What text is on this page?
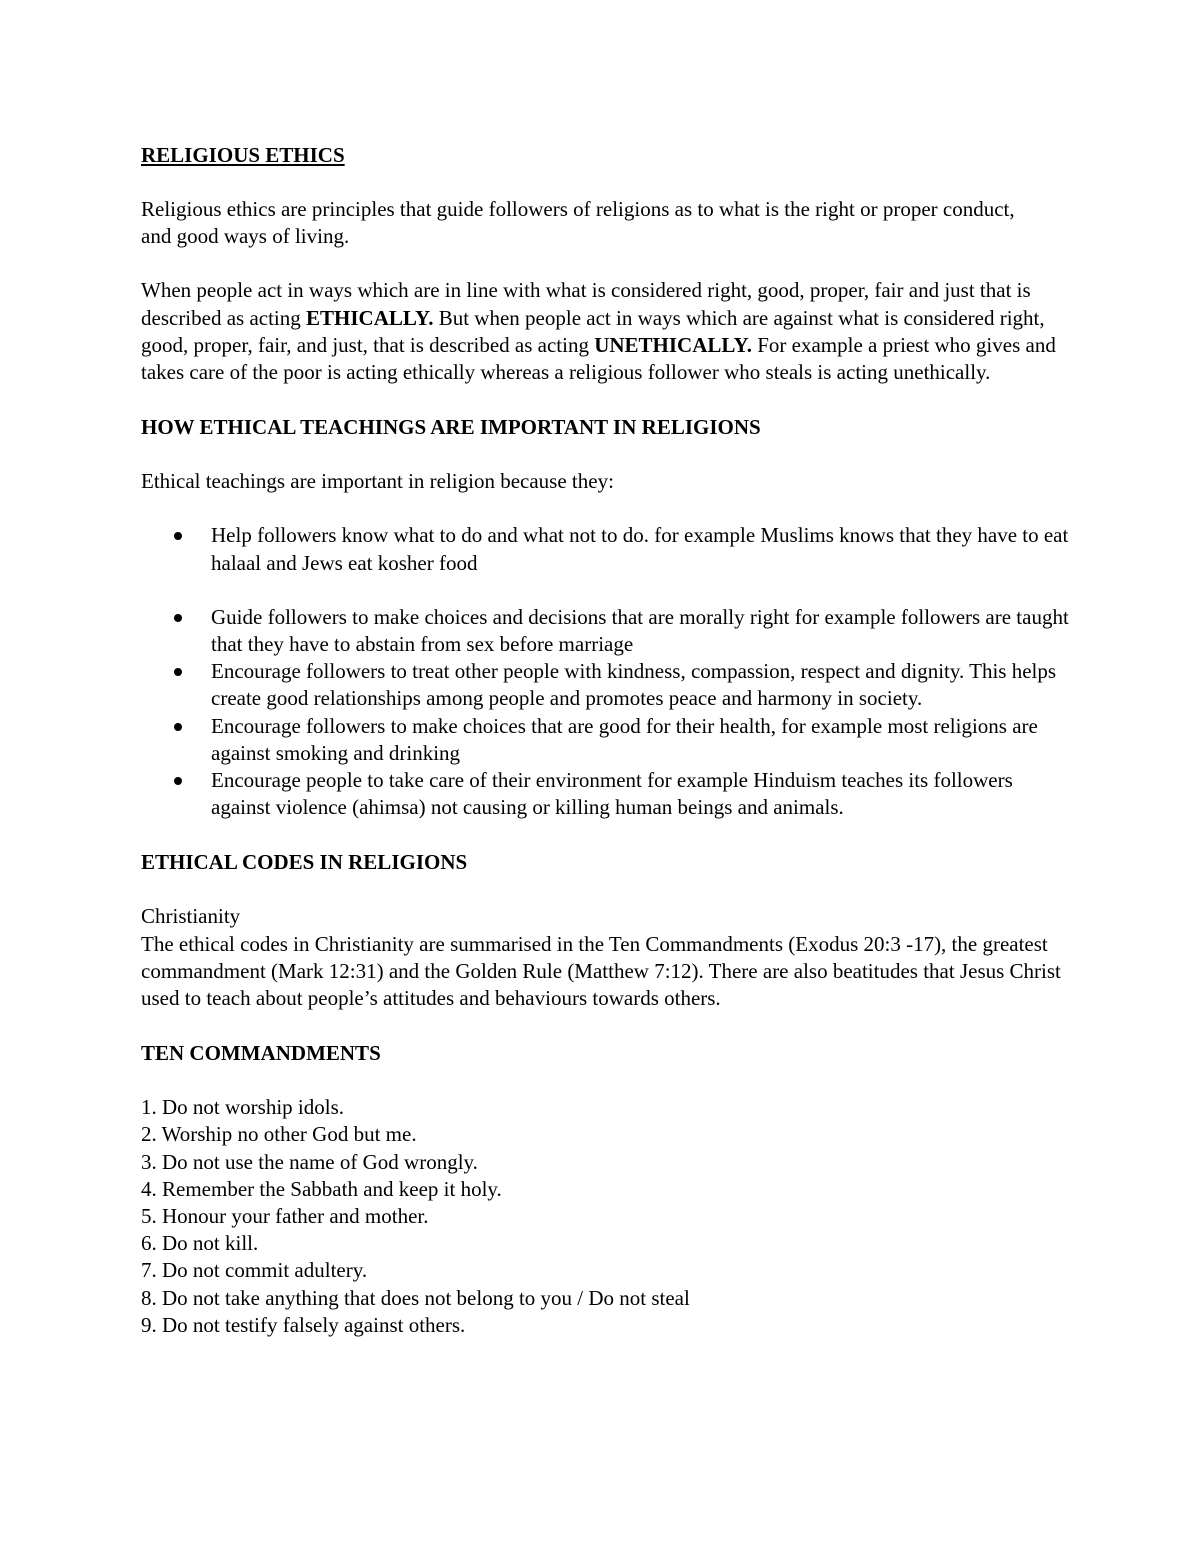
RELIGIOUS ETHICS

Religious ethics are principles that guide followers of religions as to what is the right or proper conduct, and good ways of living.

When people act in ways which are in line with what is considered right, good, proper, fair and just that is described as acting ETHICALLY. But when people act in ways which are against what is considered right, good, proper, fair, and just, that is described as acting UNETHICALLY. For example a priest who gives and takes care of the poor is acting ethically whereas a religious follower who steals is acting unethically.

HOW ETHICAL TEACHINGS ARE IMPORTANT IN RELIGIONS

Ethical teachings are important in religion because they:

Help followers know what to do and what not to do. for example Muslims knows that they have to eat halaal and Jews eat kosher food
Guide followers to make choices and decisions that are morally right for example followers are taught that they have to abstain from sex before marriage
Encourage followers to treat other people with kindness, compassion, respect and dignity. This helps create good relationships among people and promotes peace and harmony in society.
Encourage followers to make choices that are good for their health, for example most religions are against smoking and drinking
Encourage people to take care of their environment for example Hinduism teaches its followers against violence (ahimsa) not causing or killing human beings and animals.

ETHICAL CODES IN RELIGIONS

Christianity

The ethical codes in Christianity are summarised in the Ten Commandments (Exodus 20:3 -17), the greatest commandment (Mark 12:31) and the Golden Rule (Matthew 7:12). There are also beatitudes that Jesus Christ used to teach about people’s attitudes and behaviours towards others.

TEN COMMANDMENTS

1. Do not worship idols.
2. Worship no other God but me.
3. Do not use the name of God wrongly.
4. Remember the Sabbath and keep it holy.
5. Honour your father and mother.
6. Do not kill.
7. Do not commit adultery.
8. Do not take anything that does not belong to you / Do not steal
9. Do not testify falsely against others.
